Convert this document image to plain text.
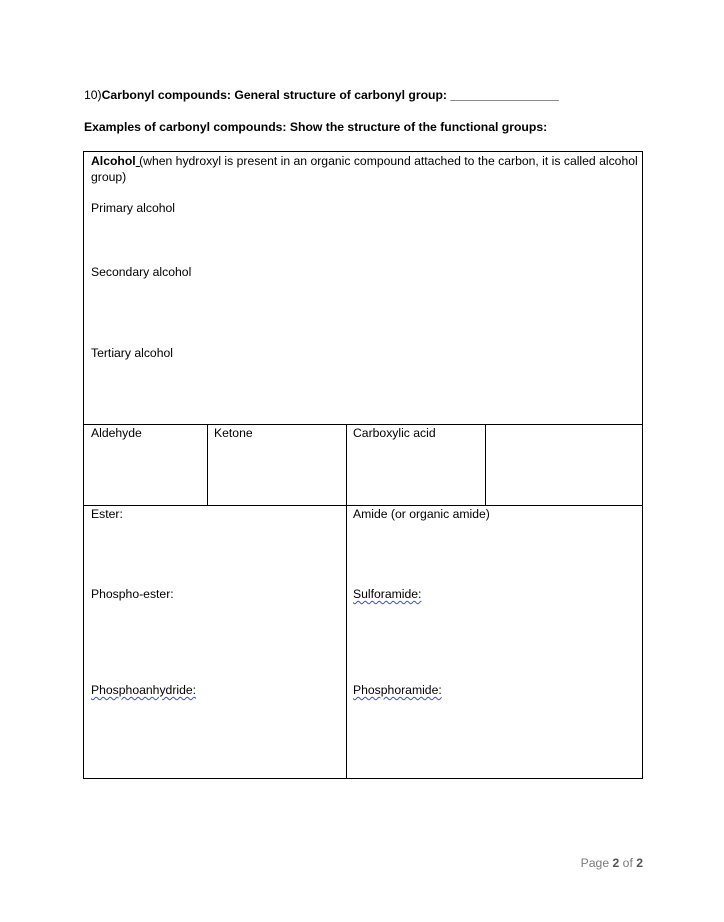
10)Carbonyl compounds: General structure of carbonyl group: ________________
Examples of carbonyl compounds: Show the structure of the functional groups:
Alcohol (when hydroxyl is present in an organic compound attached to the carbon, it is called alcohol
group)
Primary alcohol
Secondary alcohol
Tertiary alcohol
Aldehyde	Ketone	Carboxylic acid
Ester:
Phospho-ester:
Phosphoanhydride:
Amide (or organic amide)
Sulforamide:
Phosphoramide:
Page 2 of 2
